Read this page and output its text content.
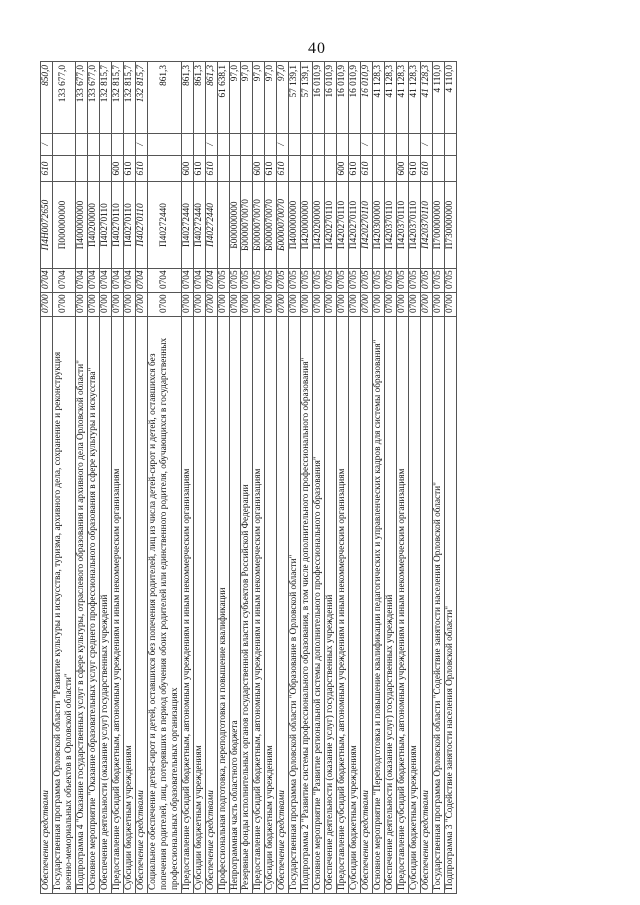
40
Обеспечение средствами	0700	0704	П4Н0072650	610	/	850,0
Государственная программа Орловской области "Развитие культуры и искусства, туризма, архивного дела, сохранение и реконструкция военно-мемориальных объектов в Орловской области"	0700	0704	П000000000			133 677,0
Подпрограмма 4 "Оказание государственных услуг в сфере культуры, отраслевого образования и архивного дела Орловской области"	0700	0704	П400000000			133 677,0
Основное мероприятие "Оказание образовательных услуг среднего профессионального образования в сфере культуры и искусства"	0700	0704	П40200000			133 677,0
Обеспечение деятельности (оказание услуг) государственных учреждений	0700	0704	П40270110			132 815,7
Предоставление субсидий бюджетным, автономным учреждениям и иным некоммерческим организациям	0700	0704	П40270110	600		132 815,7
Субсидии бюджетным учреждениям	0700	0704	П40270110	610		132 815,7
Обеспечение средствами	0700	0704	П40270110	610	/	132 815,7
Социальное обеспечение детей-сирот и детей, оставшихся без попечения родителей, лиц из числа детей-сирот и детей, оставшихся без попечения родителей, лиц, потерявших в период обучения обоих родителей или единственного родителя, обучающихся в государственных профессиональных образовательных организациях	0700	0704	П40272440			861,3
Предоставление субсидий бюджетным, автономным учреждениям и иным некоммерческим организациям	0700	0704	П40272440	600		861,3
Субсидии бюджетным учреждениям	0700	0704	П40272440	610		861,3
Обеспечение средствами	0700	0704	П40272440	610	/	861,3
Профессиональная подготовка, переподготовка и повышение квалификации	0700	0705				61 638,1
Непрограммная часть областного бюджета	0700	0705	Б000000000			97,0
Резервные фонды исполнительных органов государственной власти субъектов Российской Федерации	0700	0705	Б0000070070			97,0
Предоставление субсидий бюджетным, автономным учреждениям и иным некоммерческим организациям	0700	0705	Б0000070070	600		97,0
Субсидии бюджетным учреждениям	0700	0705	Б0000070070	610		97,0
Обеспечение средствами	0700	0705	Б0000070070	610	/	97,0
Государственная программа Орловской области "Образование в Орловской области"	0700	0705	П400000000			57 139,1
Подпрограмма 2 "Развитие системы профессионального образования, в том числе дополнительного профессионального образования"	0700	0705	П420000000			57 139,1
Основное мероприятие "Развитие региональной системы дополнительного профессионального образования"	0700	0705	П420200000			16 010,9
Обеспечение деятельности (оказание услуг) государственных учреждений	0700	0705	П420270110			16 010,9
Предоставление субсидий бюджетным, автономным учреждениям и иным некоммерческим организациям	0700	0705	П420270110	600		16 010,9
Субсидии бюджетным учреждениям	0700	0705	П420270110	610		16 010,9
Обеспечение средствами	0700	0705	П420270110	610	/	16 010,9
Основное мероприятие "Переподготовка и повышение квалификации педагогических и управленческих кадров для системы образования"	0700	0705	П420300000			41 128,3
Обеспечение деятельности (оказание услуг) государственных учреждений	0700	0705	П420370110			41 128,3
Предоставление субсидий бюджетным, автономным учреждениям и иным некоммерческим организациям	0700	0705	П420370110	600		41 128,3
Субсидии бюджетным учреждениям	0700	0705	П420370110	610		41 128,3
Обеспечение средствами	0700	0705	П420370110	610	/	41 128,3
Государственная программа Орловской области "Содействие занятости населения Орловской области"	0700	0705	П700000000			4 110,0
Подпрограмма 3 "Содействие занятости населения Орловской области"	0700	0705	П730000000			4 110,0
